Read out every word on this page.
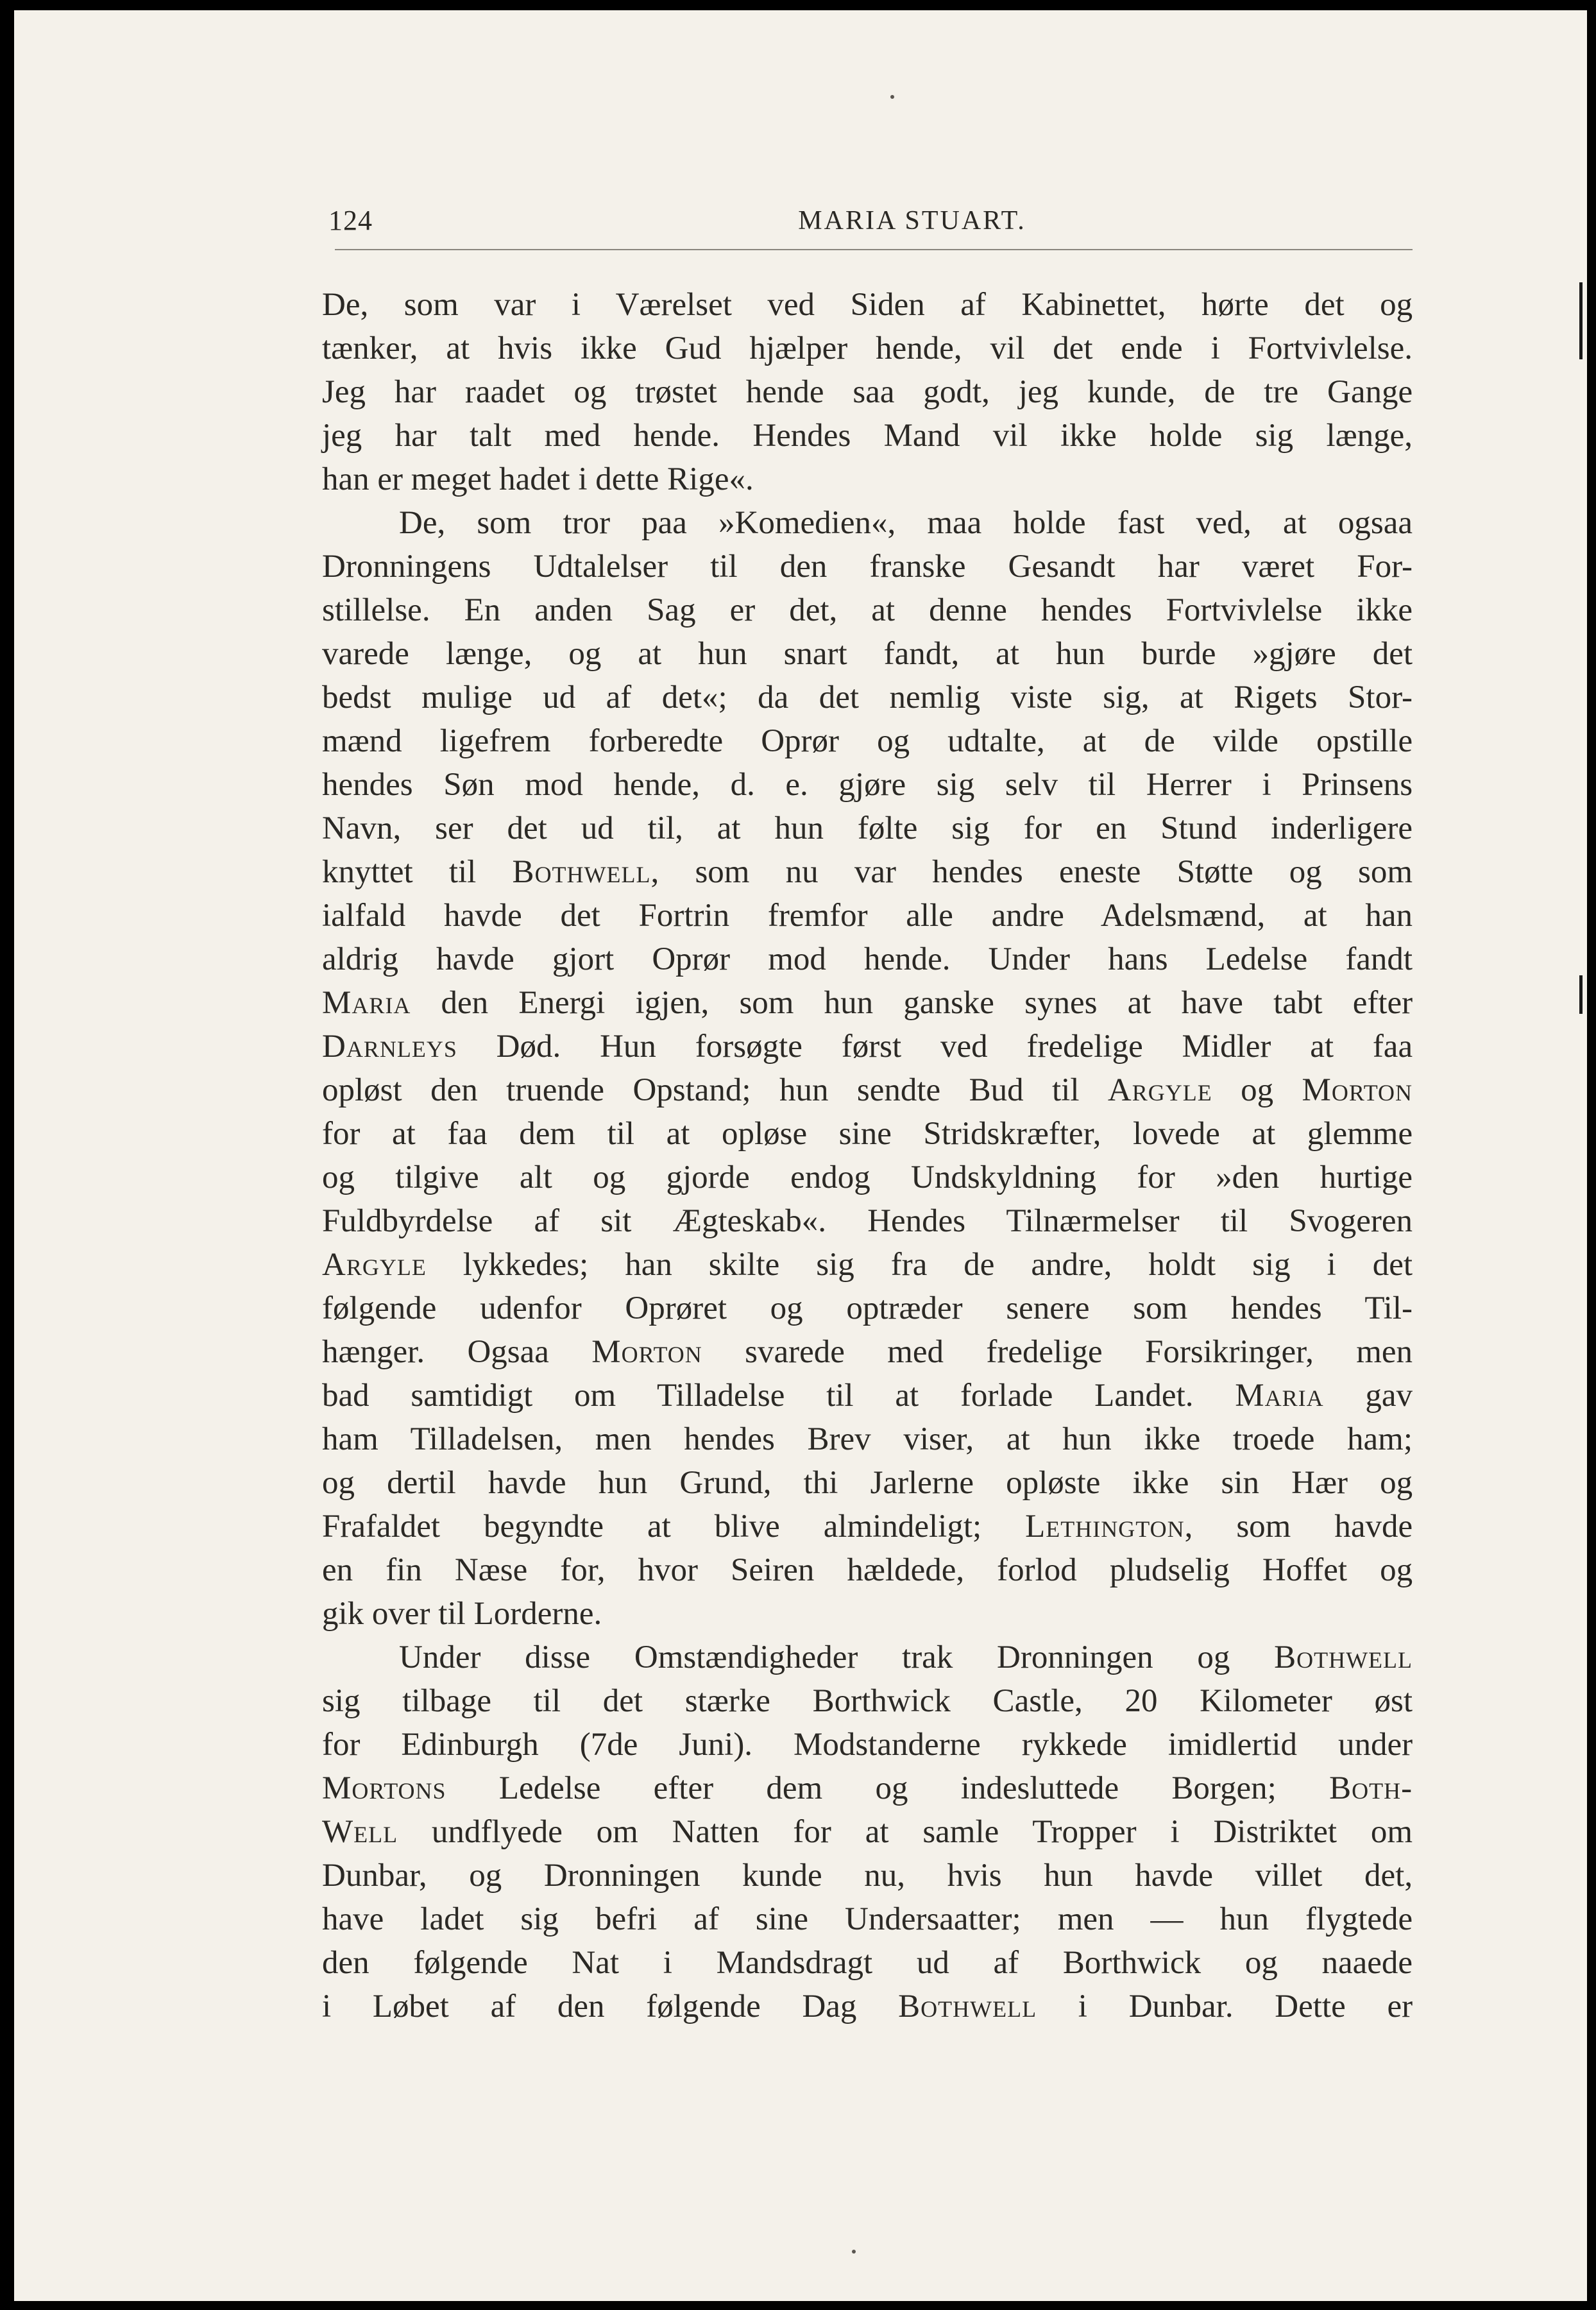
124	MARIA STUART.
De, som var i Værelset ved Siden af Kabinettet, hørte det og
tænker, at hvis ikke Gud hjælper hende, vil det ende i Fortvivlelse.
Jeg har raadet og trøstet hende saa godt, jeg kunde, de tre Gange
jeg har talt med hende. Hendes Mand vil ikke holde sig længe,
han er meget hadet i dette Rige«.
De, som tror paa »Komedien«, maa holde fast ved, at ogsaa
Dronningens Udtalelser til den franske Gesandt har været For-
stillelse. En anden Sag er det, at denne hendes Fortvivlelse ikke
varede længe, og at hun snart fandt, at hun burde »gjøre det
bedst mulige ud af det«; da det nemlig viste sig, at Rigets Stor-
mænd ligefrem forberedte Oprør og udtalte, at de vilde opstille
hendes Søn mod hende, d. e. gjøre sig selv til Herrer i Prinsens
Navn, ser det ud til, at hun følte sig for en Stund inderligere
knyttet til Bothwell, som nu var hendes eneste Støtte og som
ialfald havde det Fortrin fremfor alle andre Adelsmænd, at han
aldrig havde gjort Oprør mod hende. Under hans Ledelse fandt
Maria den Energi igjen, som hun ganske synes at have tabt efter
Darnleys Død. Hun forsøgte først ved fredelige Midler at faa
opløst den truende Opstand; hun sendte Bud til Argyle og Morton
for at faa dem til at opløse sine Stridskræfter, lovede at glemme
og tilgive alt og gjorde endog Undskyldning for »den hurtige
Fuldbyrdelse af sit Ægteskab«. Hendes Tilnærmelser til Svogeren
Argyle lykkedes; han skilte sig fra de andre, holdt sig i det
følgende udenfor Oprøret og optræder senere som hendes Til-
hænger. Ogsaa Morton svarede med fredelige Forsikringer, men
bad samtidigt om Tilladelse til at forlade Landet. Maria gav
ham Tilladelsen, men hendes Brev viser, at hun ikke troede ham;
og dertil havde hun Grund, thi Jarlerne opløste ikke sin Hær og
Frafaldet begyndte at blive almindeligt; Lethington, som havde
en fin Næse for, hvor Seiren hældede, forlod pludselig Hoffet og
gik over til Lorderne.
Under disse Omstændigheder trak Dronningen og Bothwell
sig tilbage til det stærke Borthwick Castle, 20 Kilometer øst
for Edinburgh (7de Juni). Modstanderne rykkede imidlertid under
Mortons Ledelse efter dem og indesluttede Borgen; Both-
Well undflyede om Natten for at samle Tropper i Distriktet om
Dunbar, og Dronningen kunde nu, hvis hun havde villet det,
have ladet sig befri af sine Undersaatter; men — hun flygtede
den følgende Nat i Mandsdragt ud af Borthwick og naaede
i Løbet af den følgende Dag Bothwell i Dunbar. Dette er
